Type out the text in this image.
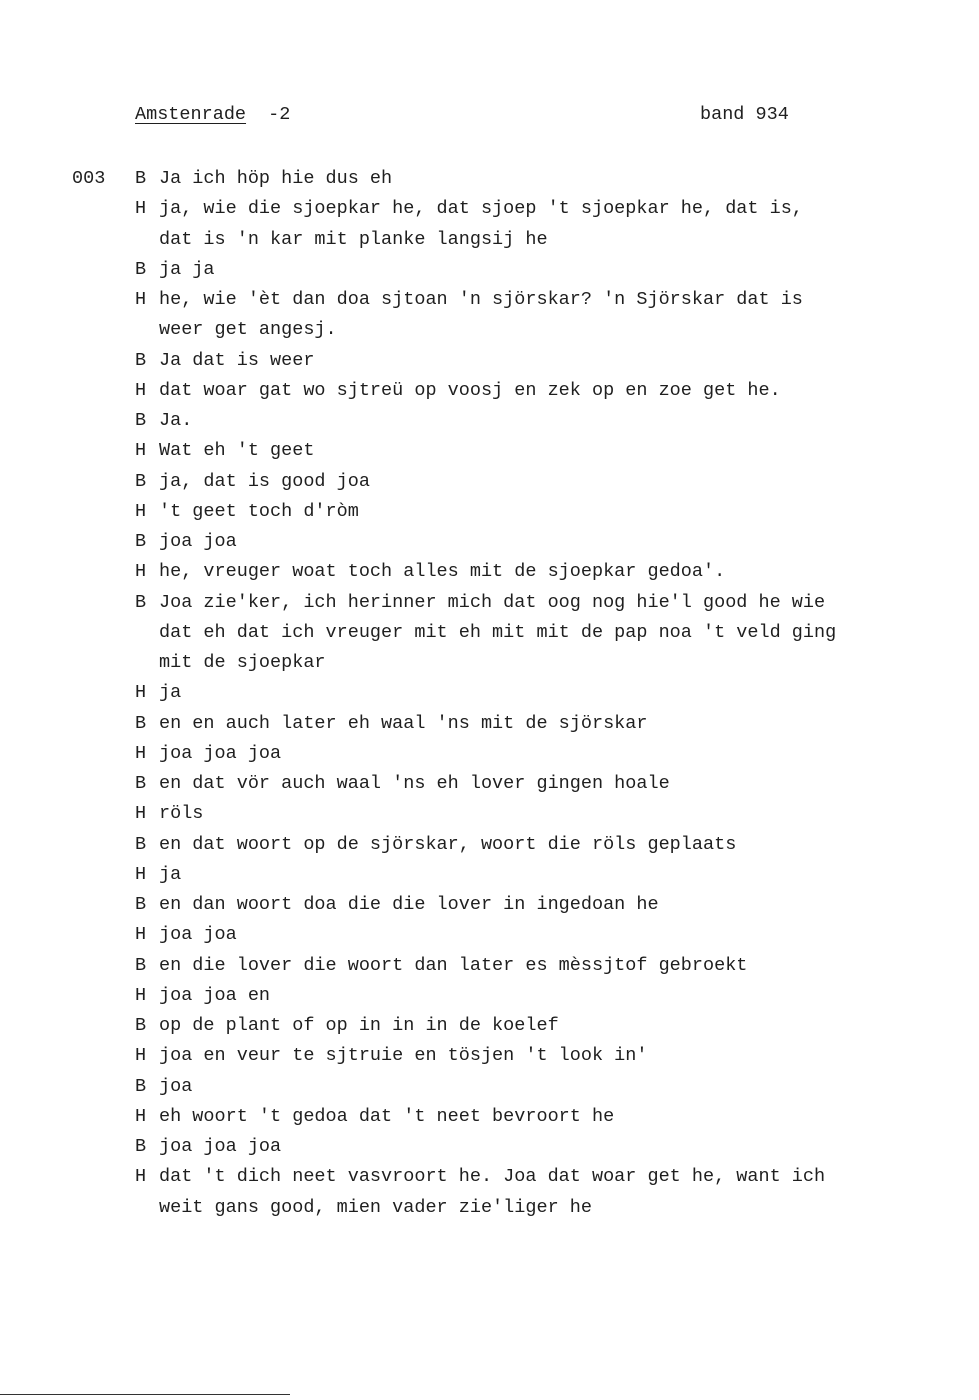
Amstenrade -2	band 934
003 B Ja ich höp hie dus eh
H ja, wie die sjoepkar he, dat sjoep 't sjoepkar he, dat is,
dat is 'n kar mit planke langsij he
B ja ja
H he, wie 'èt dan doa sjtoan 'n sjörskar? 'n Sjörskar dat is
weer get angesj.
B Ja dat is weer
H dat woar gat wo sjtreü op voosj en zek op en zoe get he.
B Ja.
H Wat eh 't geet
B ja, dat is good joa
H 't geet toch d'ròm
B joa joa
H he, vreuger woat toch alles mit de sjoepkar gedoa'.
B Joa zie'ker, ich herinner mich dat oog nog hie'l good he wie
dat eh dat ich vreuger mit eh mit mit de pap noa 't veld ging
mit de sjoepkar
H ja
B en en auch later eh waal 'ns mit de sjörskar
H joa joa joa
B en dat vör auch waal 'ns eh lover gingen hoale
H röls
B en dat woort op de sjörskar, woort die röls geplaats
H ja
B en dan woort doa die die lover in ingedoan he
H joa joa
B en die lover die woort dan later es mèssjtof gebroekt
H joa joa en
B op de plant of op in in in de koelef
H joa en veur te sjtruie en tösjen 't look in'
B joa
H eh woort 't gedoa dat 't neet bevroort he
B joa joa joa
H dat 't dich neet vasvroort he. Joa dat woar get he, want ich
weit gans good, mien vader zie'liger he
